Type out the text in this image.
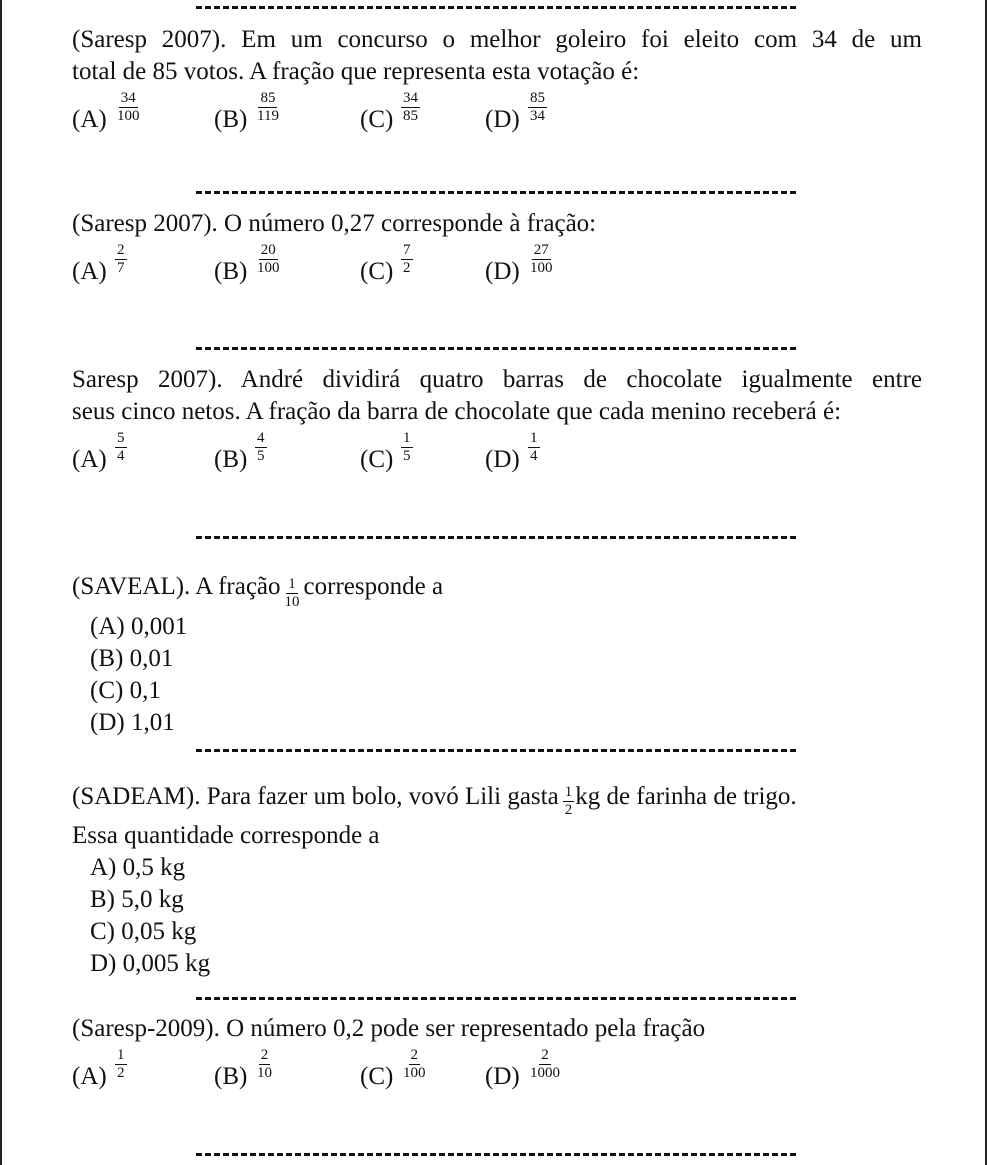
(Saresp 2007). Em um concurso o melhor goleiro foi eleito com 34 de um
total de 85 votos. A fração que representa esta votação é:
$(A) \frac{34}{100}$	$(B) \frac{85}{119}$	$(C) \frac{34}{85}$	$(D) \frac{85}{34}$
(Saresp 2007). O número 0,27 corresponde à fração:
$(A) \frac{2}{7}$	$(B) \frac{20}{100}$	$(C) \frac{7}{2}$	$(D) \frac{27}{100}$
Saresp 2007). André dividirá quatro barras de chocolate igualmente entre
seus cinco netos. A fração da barra de chocolate que cada menino receberá é:
$(A) \frac{5}{4}$	$(B) \frac{4}{5}$	$(C) \frac{1}{5}$	$(D) \frac{1}{4}$
(SAVEAL). A fração $\frac{1}{10}$ corresponde a
(A) 0,001
(B) 0,01
(C) 0,1
(D) 1,01
(SADEAM). Para fazer um bolo, vovó Lili gasta $\frac{1}{2}$ kg de farinha de trigo.
Essa quantidade corresponde a
A) 0,5 kg
B) 5,0 kg
C) 0,05 kg
D) 0,005 kg
(Saresp-2009). O número 0,2 pode ser representado pela fração
$(A) \frac{1}{2}$	$(B) \frac{2}{10}$	$(C) \frac{2}{100} (D) \frac{2}{1000}$
